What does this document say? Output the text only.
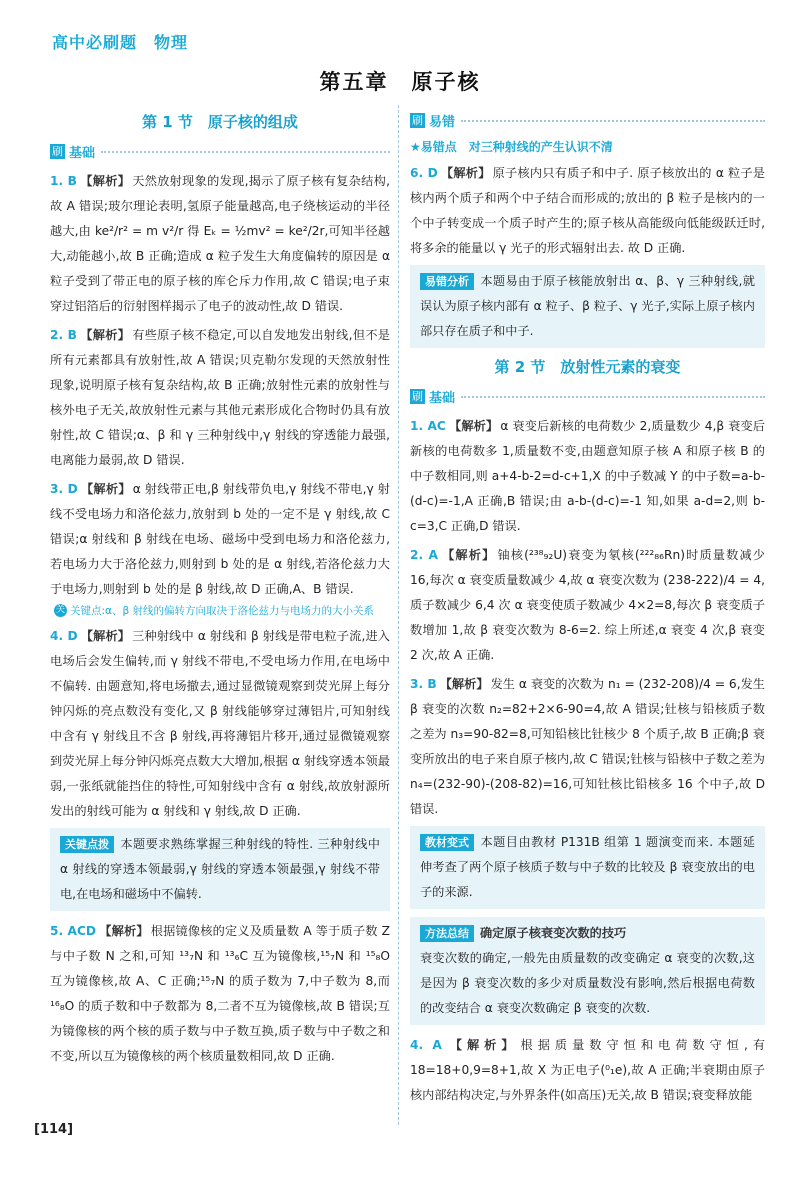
高中必刷题　物理
第五章　原子核
第 1 节　原子核的组成
刷 基础
1. B 【解析】 天然放射现象的发现,揭示了原子核有复杂结构,故 A 错误;玻尔理论表明,氢原子能量越高,电子绕核运动的半径越大,由 ke²/r² = m v²/r 得 Eₖ = ½mv² = ke²/2r,可知半径越大,动能越小,故 B 正确;造成 α 粒子发生大角度偏转的原因是 α 粒子受到了带正电的原子核的库仑斥力作用,故 C 错误;电子束穿过铝箔后的衍射图样揭示了电子的波动性,故 D 错误.
2. B 【解析】 有些原子核不稳定,可以自发地发出射线,但不是所有元素都具有放射性,故 A 错误;贝克勒尔发现的天然放射性现象,说明原子核有复杂结构,故 B 正确;放射性元素的放射性与核外电子无关,故放射性元素与其他元素形成化合物时仍具有放射性,故 C 错误;α、β 和 γ 三种射线中,γ 射线的穿透能力最强,电离能力最弱,故 D 错误.
3. D 【解析】 α 射线带正电,β 射线带负电,γ 射线不带电,γ 射线不受电场力和洛伦兹力,放射到 b 处的一定不是 γ 射线,故 C 错误;α 射线和 β 射线在电场、磁场中受到电场力和洛伦兹力,若电场力大于洛伦兹力,则射到 b 处的是 α 射线,若洛伦兹力大于电场力,则射到 b 处的是 β 射线,故 D 正确,A、B 错误.
关 关键点:α、β 射线的偏转方向取决于洛伦兹力与电场力的大小关系
4. D 【解析】 三种射线中 α 射线和 β 射线是带电粒子流,进入电场后会发生偏转,而 γ 射线不带电,不受电场力作用,在电场中不偏转. 由题意知,将电场撤去,通过显微镜观察到荧光屏上每分钟闪烁的亮点数没有变化,又 β 射线能够穿过薄铝片,可知射线中含有 γ 射线且不含 β 射线,再将薄铝片移开,通过显微镜观察到荧光屏上每分钟闪烁亮点数大大增加,根据 α 射线穿透本领最弱,一张纸就能挡住的特性,可知射线中含有 α 射线,故放射源所发出的射线可能为 α 射线和 γ 射线,故 D 正确.
关键点拨 本题要求熟练掌握三种射线的特性. 三种射线中 α 射线的穿透本领最弱,γ 射线的穿透本领最强,γ 射线不带电,在电场和磁场中不偏转.
5. ACD 【解析】 根据镜像核的定义及质量数 A 等于质子数 Z 与中子数 N 之和,可知 ¹³₇N 和 ¹³₆C 互为镜像核,¹⁵₇N 和 ¹⁵₈O 互为镜像核,故 A、C 正确;¹⁵₇N 的质子数为 7,中子数为 8,而 ¹⁶₈O 的质子数和中子数都为 8,二者不互为镜像核,故 B 错误;互为镜像核的两个核的质子数与中子数互换,质子数与中子数之和不变,所以互为镜像核的两个核质量数相同,故 D 正确.
刷 易错
★易错点　对三种射线的产生认识不清
6. D 【解析】 原子核内只有质子和中子. 原子核放出的 α 粒子是核内两个质子和两个中子结合而形成的;放出的 β 粒子是核内的一个中子转变成一个质子时产生的;原子核从高能级向低能级跃迁时,将多余的能量以 γ 光子的形式辐射出去. 故 D 正确.
易错分析 本题易由于原子核能放射出 α、β、γ 三种射线,就误认为原子核内部有 α 粒子、β 粒子、γ 光子,实际上原子核内部只存在质子和中子.
第 2 节　放射性元素的衰变
刷 基础
1. AC 【解析】 α 衰变后新核的电荷数少 2,质量数少 4,β 衰变后新核的电荷数多 1,质量数不变,由题意知原子核 A 和原子核 B 的中子数相同,则 a+4-b-2=d-c+1,X 的中子数减 Y 的中子数=a-b-(d-c)=-1,A 正确,B 错误;由 a-b-(d-c)=-1 知,如果 a-d=2,则 b-c=3,C 正确,D 错误.
2. A 【解析】 铀核(²³⁸₉₂U)衰变为氡核(²²²₈₆Rn)时质量数减少 16,每次 α 衰变质量数减少 4,故 α 衰变次数为 (238-222)/4 = 4,质子数减少 6,4 次 α 衰变使质子数减少 4×2=8,每次 β 衰变质子数增加 1,故 β 衰变次数为 8-6=2. 综上所述,α 衰变 4 次,β 衰变 2 次,故 A 正确.
3. B 【解析】 发生 α 衰变的次数为 n₁ = (232-208)/4 = 6,发生 β 衰变的次数 n₂=82+2×6-90=4,故 A 错误;钍核与铅核质子数之差为 n₃=90-82=8,可知铅核比钍核少 8 个质子,故 B 正确;β 衰变所放出的电子来自原子核内,故 C 错误;钍核与铅核中子数之差为 n₄=(232-90)-(208-82)=16,可知钍核比铅核多 16 个中子,故 D 错误.
教材变式 本题目由教材 P131B 组第 1 题演变而来. 本题延伸考查了两个原子核质子数与中子数的比较及 β 衰变放出的电子的来源.
方法总结 确定原子核衰变次数的技巧
衰变次数的确定,一般先由质量数的改变确定 α 衰变的次数,这是因为 β 衰变次数的多少对质量数没有影响,然后根据电荷数的改变结合 α 衰变次数确定 β 衰变的次数.
4. A 【解析】 根据质量数守恒和电荷数守恒,有 18=18+0,9=8+1,故 X 为正电子(⁰₁e),故 A 正确;半衰期由原子核内部结构决定,与外界条件(如高压)无关,故 B 错误;衰变释放能
[114]
